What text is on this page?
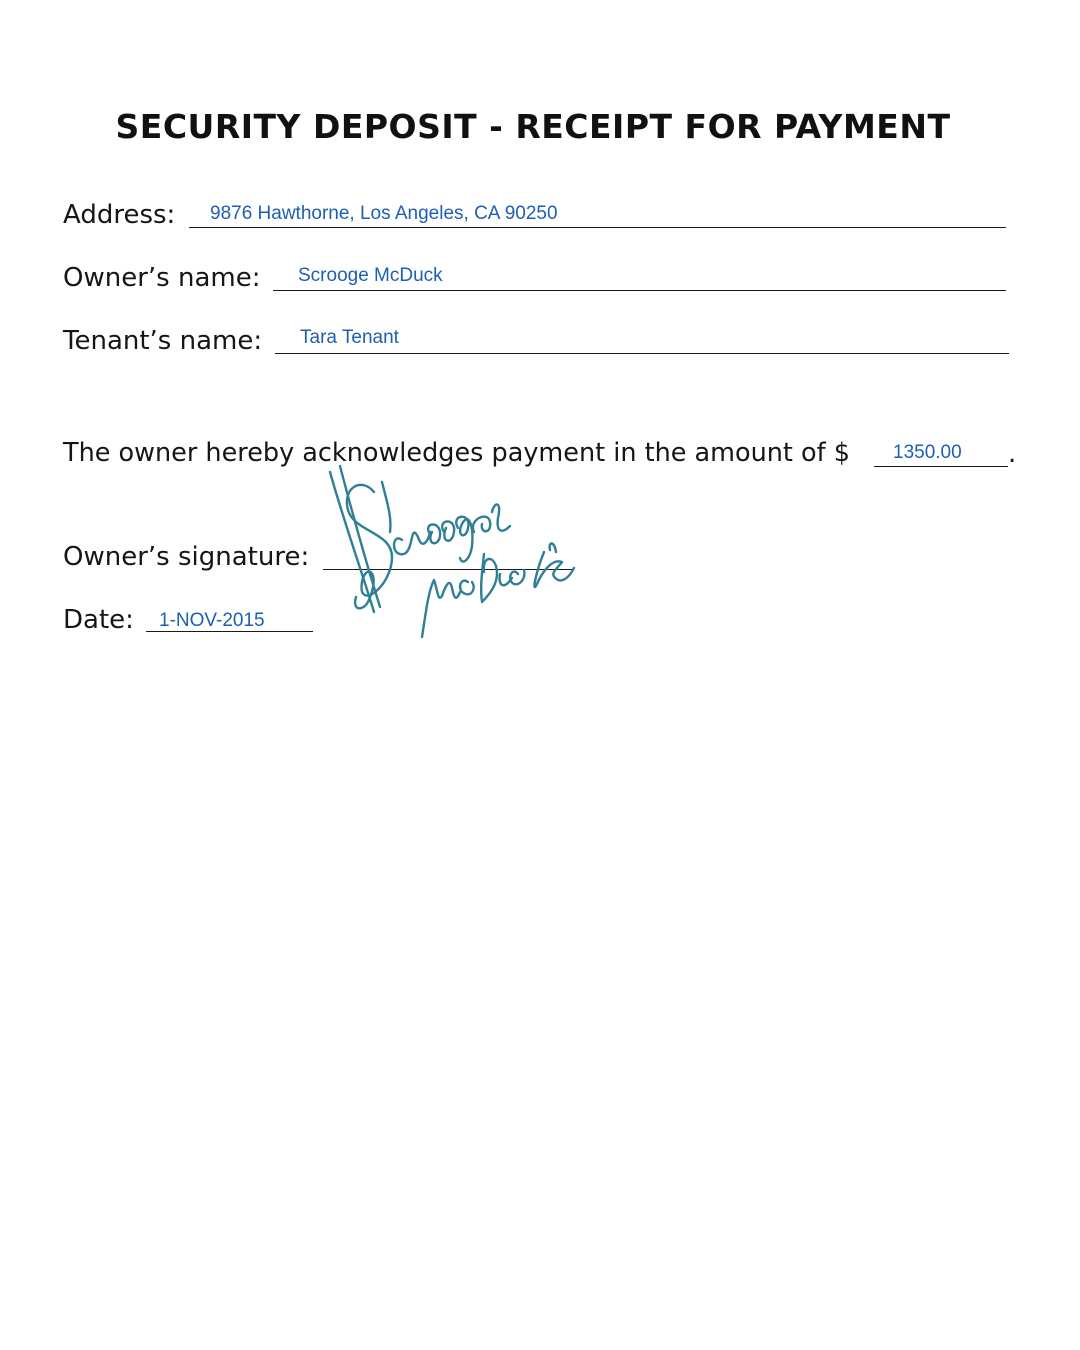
SECURITY DEPOSIT - RECEIPT FOR PAYMENT
Address: 9876 Hawthorne, Los Angeles, CA 90250
Owner’s name: Scrooge McDuck
Tenant’s name: Tara Tenant
The owner hereby acknowledges payment in the amount of $ 1350.00 .
Owner’s signature:
Date: 1-NOV-2015
